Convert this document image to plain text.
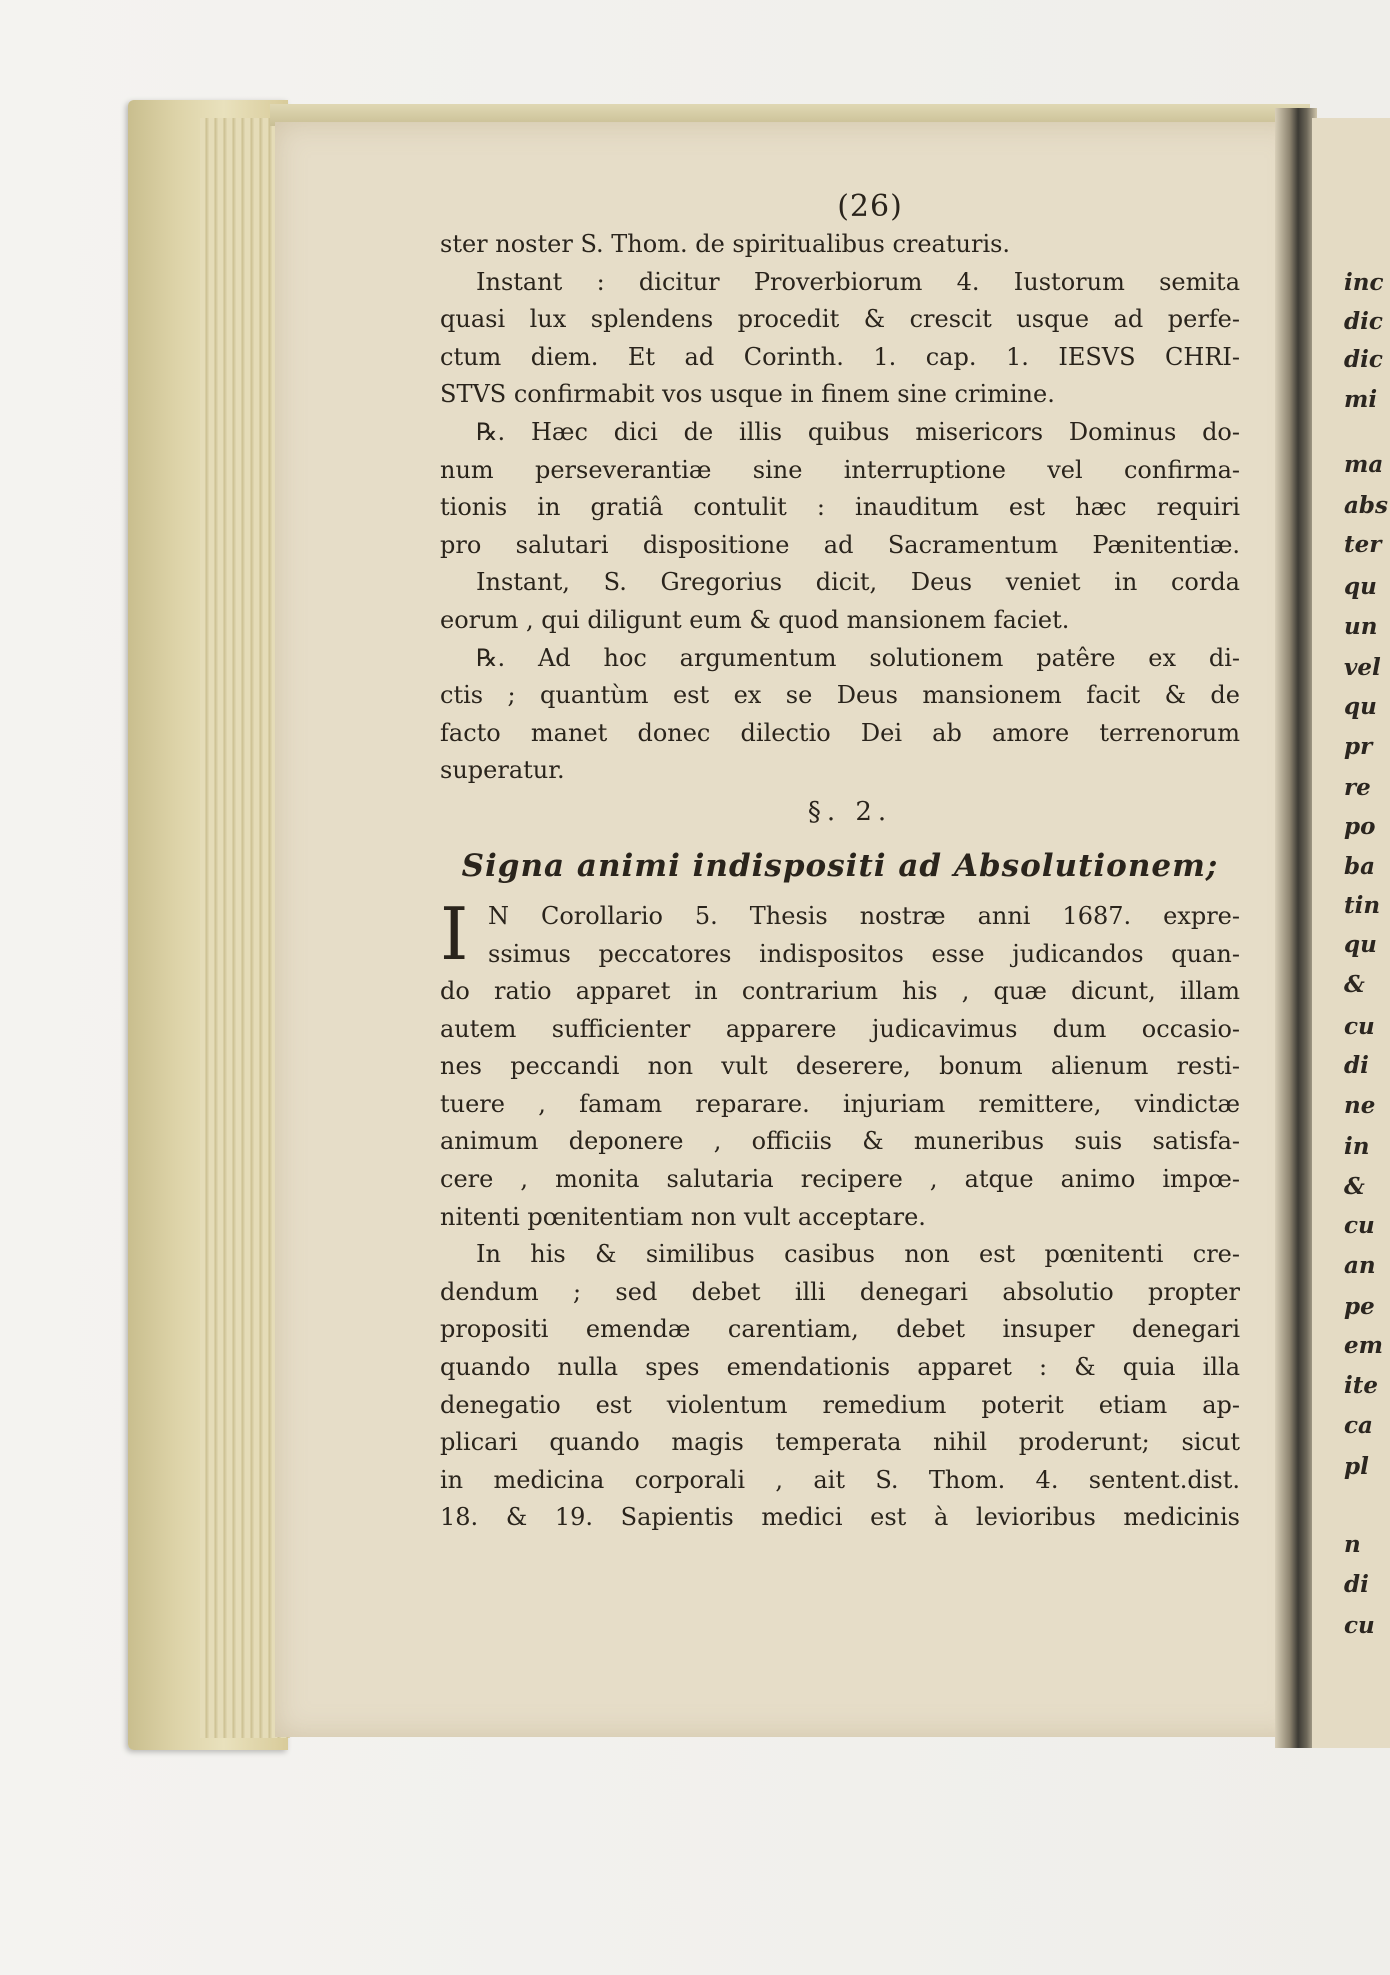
inc
dic
dic
mi
ma
abs
ter
qu
un
vel
qu
pr
re
po
ba
tin
qu
&
cu
di
ne
in
&
cu
an
pe
em
ite
ca
pl
n
di
cu
(26)
ster noster S. Thom. de spiritualibus creaturis.
Instant : dicitur Proverbiorum 4. Iustorum semita
quasi lux splendens procedit & crescit usque ad perfe-
ctum diem. Et ad Corinth. 1. cap. 1. IESVS CHRI-
STVS confirmabit vos usque in finem sine crimine.
℞. Hæc dici de illis quibus misericors Dominus do-
num perseverantiæ sine interruptione vel confirma-
tionis in gratiâ contulit : inauditum est hæc requiri
pro salutari dispositione ad Sacramentum Pænitentiæ.
Instant, S. Gregorius dicit, Deus veniet in corda
eorum , qui diligunt eum & quod mansionem faciet.
℞. Ad hoc argumentum solutionem patêre ex di-
ctis ; quantùm est ex se Deus mansionem facit & de
facto manet donec dilectio Dei ab amore terrenorum
superatur.
§. 2.
Signa animi indispositi ad Absolutionem;
I N Corollario 5. Thesis nostræ anni 1687. expre-
ssimus peccatores indispositos esse judicandos quan-
do ratio apparet in contrarium his , quæ dicunt, illam
autem sufficienter apparere judicavimus dum occasio-
nes peccandi non vult deserere, bonum alienum resti-
tuere , famam reparare. injuriam remittere, vindictæ
animum deponere , officiis & muneribus suis satisfa-
cere , monita salutaria recipere , atque animo impœ-
nitenti pœnitentiam non vult acceptare.
In his & similibus casibus non est pœnitenti cre-
dendum ; sed debet illi denegari absolutio propter
propositi emendæ carentiam, debet insuper denegari
quando nulla spes emendationis apparet : & quia illa
denegatio est violentum remedium poterit etiam ap-
plicari quando magis temperata nihil proderunt; sicut
in medicina corporali , ait S. Thom. 4. sentent.dist.
18. & 19. Sapientis medici est à levioribus medicinis
